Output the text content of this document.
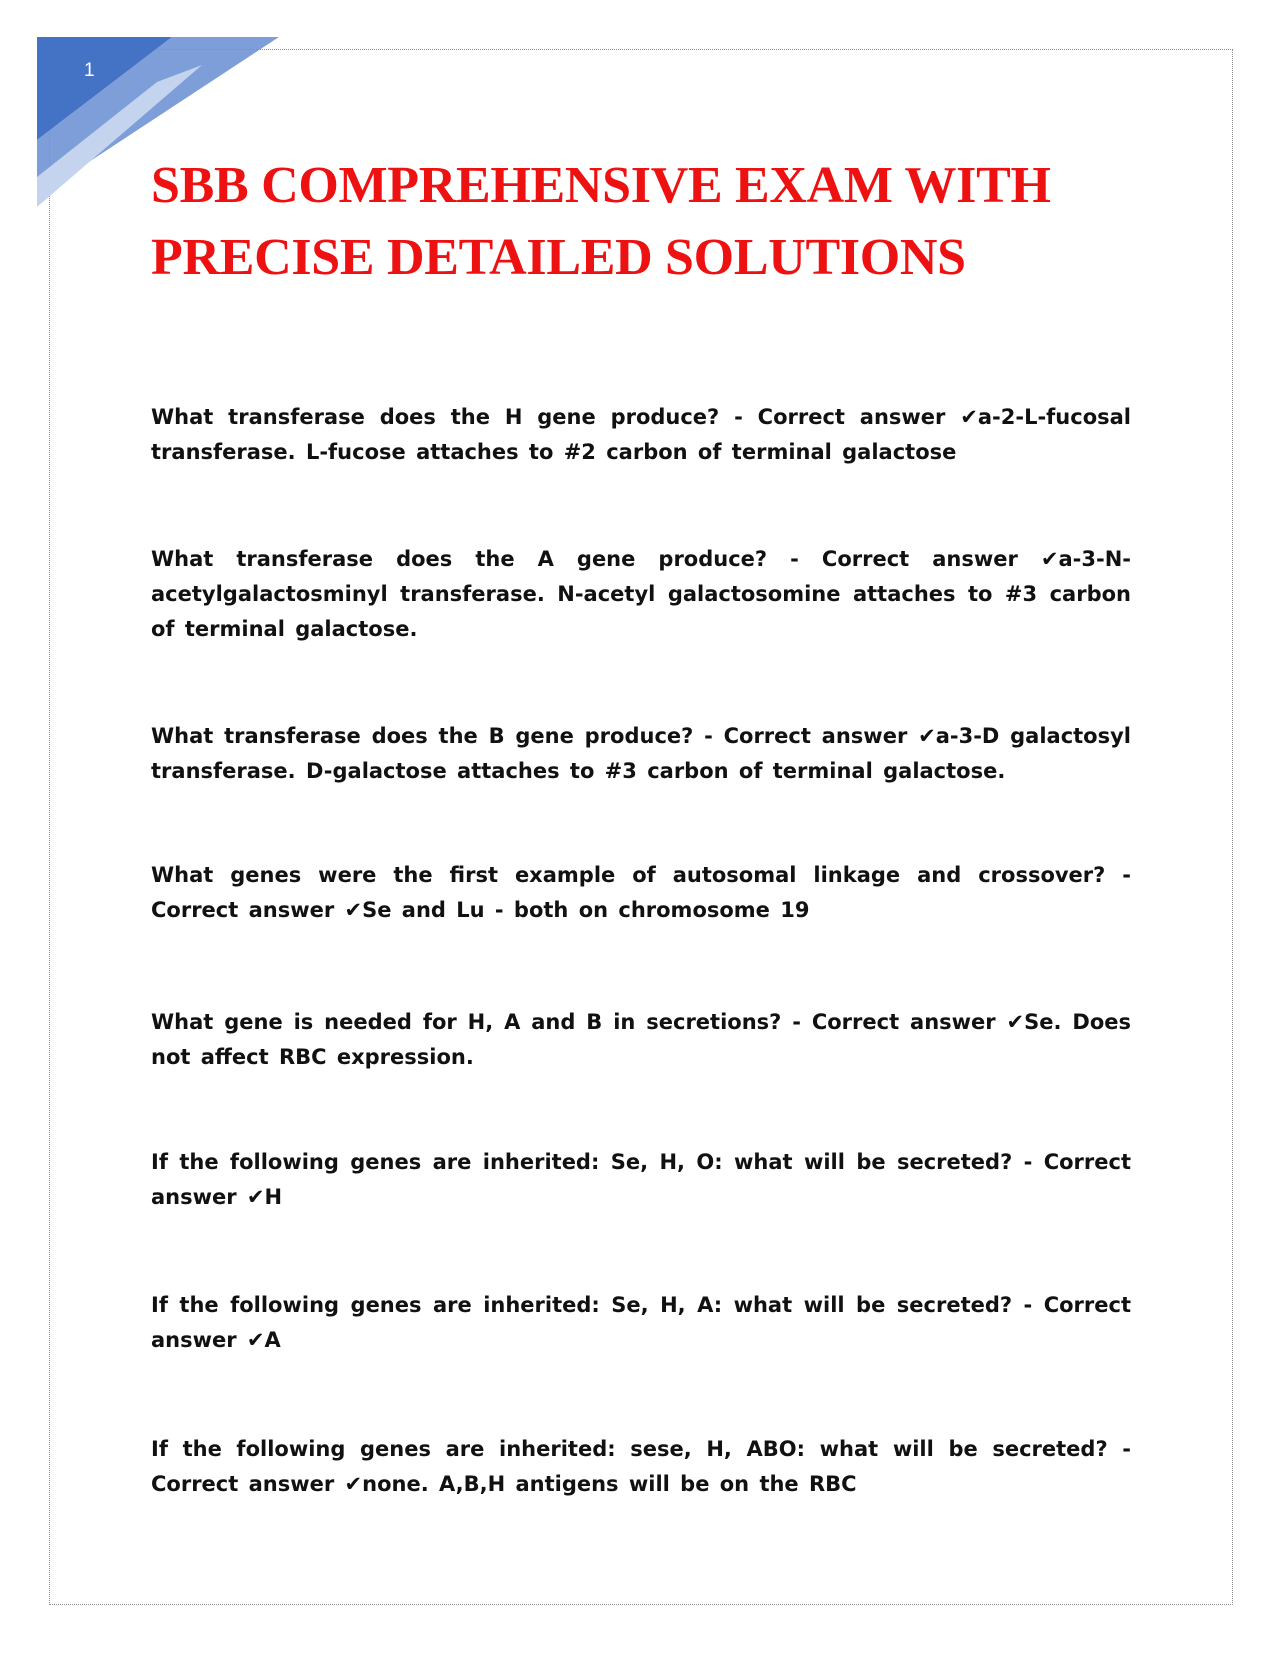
1
SBB COMPREHENSIVE EXAM WITH PRECISE DETAILED SOLUTIONS
What transferase does the H gene produce? - Correct answer ✔a-2-L-fucosal transferase. L-fucose attaches to #2 carbon of terminal galactose
What transferase does the A gene produce? - Correct answer ✔a-3-N-acetylgalactosminyl transferase. N-acetyl galactosomine attaches to #3 carbon of terminal galactose.
What transferase does the B gene produce? - Correct answer ✔a-3-D galactosyl transferase. D-galactose attaches to #3 carbon of terminal galactose.
What genes were the first example of autosomal linkage and crossover? - Correct answer ✔Se and Lu - both on chromosome 19
What gene is needed for H, A and B in secretions? - Correct answer ✔Se. Does not affect RBC expression.
If the following genes are inherited: Se, H, O: what will be secreted? - Correct answer ✔H
If the following genes are inherited: Se, H, A: what will be secreted? - Correct answer ✔A
If the following genes are inherited: sese, H, ABO: what will be secreted? - Correct answer ✔none. A,B,H antigens will be on the RBC
